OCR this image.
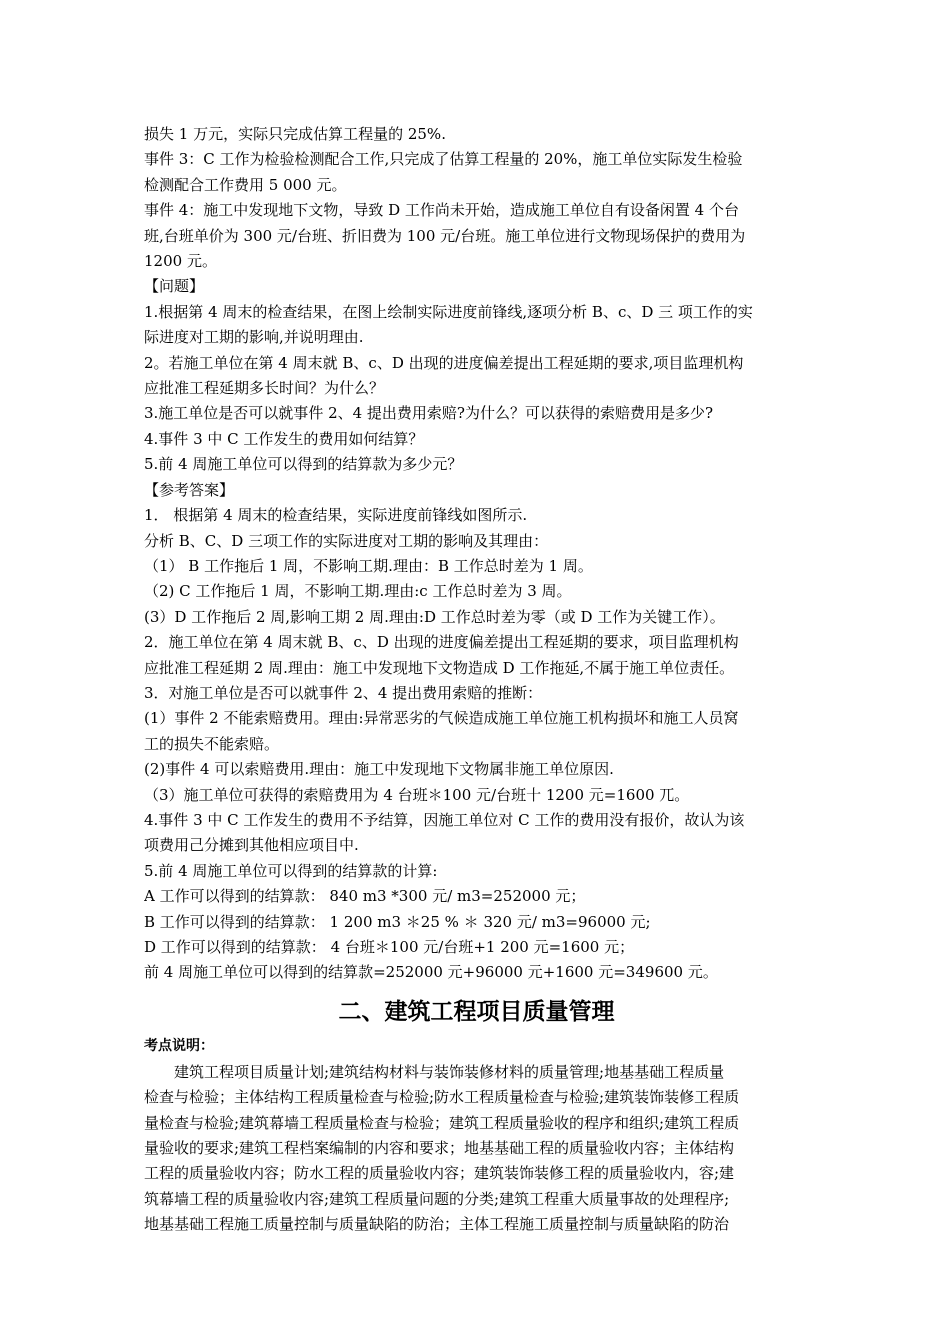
损失 1 万元，实际只完成估算工程量的 25%.
事件 3：C 工作为检验检测配合工作,只完成了估算工程量的 20%，施工单位实际发生检验
检测配合工作费用 5 000 元。
事件 4：施工中发现地下文物，导致 D 工作尚未开始，造成施工单位自有设备闲置 4 个台
班,台班单价为 300 元/台班、折旧费为 100 元/台班。施工单位进行文物现场保护的费用为
1200 元。
【问题】
1.根据第 4 周末的检查结果，在图上绘制实际进度前锋线,逐项分析 B、c、D 三 项工作的实
际进度对工期的影响,并说明理由.
2。若施工单位在第 4 周末就 B、c、D 出现的进度偏差提出工程延期的要求,项目监理机构
应批准工程延期多长时间？为什么？
3.施工单位是否可以就事件 2、4 提出费用索赔?为什么？可以获得的索赔费用是多少?
4.事件 3 中 C 工作发生的费用如何结算？
5.前 4 周施工单位可以得到的结算款为多少元？
【参考答案】
1． 根据第 4 周末的检查结果，实际进度前锋线如图所示.
分析 B、C、D 三项工作的实际进度对工期的影响及其理由：
（1） B 工作拖后 1 周，不影响工期.理由：B 工作总时差为 1 周。
（2) C 工作拖后 1 周，不影响工期.理由:c 工作总时差为 3 周。
(3）D 工作拖后 2 周,影响工期 2 周.理由:D 工作总时差为零（或 D 工作为关键工作）。
2．施工单位在第 4 周末就 B、c、D 出现的进度偏差提出工程延期的要求，项目监理机构
应批准工程延期 2 周.理由：施工中发现地下文物造成 D 工作拖延,不属于施工单位责任。
3．对施工单位是否可以就事件 2、4 提出费用索赔的推断：
(1）事件 2 不能索赔费用。理由:异常恶劣的气候造成施工单位施工机构损坏和施工人员窝
工的损失不能索赔。
(2)事件 4 可以索赔费用.理由：施工中发现地下文物属非施工单位原因.
（3）施工单位可获得的索赔费用为 4 台班＊100 元/台班十 1200 元=1600 兀。
4.事件 3 中 C 工作发生的费用不予结算，因施工单位对 C 工作的费用没有报价，故认为该
项费用己分摊到其他相应项目中.
5.前 4 周施工单位可以得到的结算款的计算:
A 工作可以得到的结算款： 840 m3 *300 元/ m3=252000 元；
B 工作可以得到的结算款： 1 200 m3 ＊25 % ＊ 320 元/ m3=96000 元;
D 工作可以得到的结算款： 4 台班＊100 元/台班+1 200 元=1600 元；
前 4 周施工单位可以得到的结算款=252000 元+96000 元+1600 元=349600 元。
二、建筑工程项目质量管理
考点说明：
建筑工程项目质量计划;建筑结构材料与装饰装修材料的质量管理;地基基础工程质量
检查与检验；主体结构工程质量检查与检验;防水工程质量检查与检验;建筑装饰装修工程质
量检查与检验;建筑幕墙工程质量检查与检验；建筑工程质量验收的程序和组织;建筑工程质
量验收的要求;建筑工程档案编制的内容和要求；地基基础工程的质量验收内容；主体结构
工程的质量验收内容；防水工程的质量验收内容；建筑装饰装修工程的质量验收内，容;建
筑幕墙工程的质量验收内容;建筑工程质量问题的分类;建筑工程重大质量事故的处理程序;
地基基础工程施工质量控制与质量缺陷的防治；主体工程施工质量控制与质量缺陷的防治
